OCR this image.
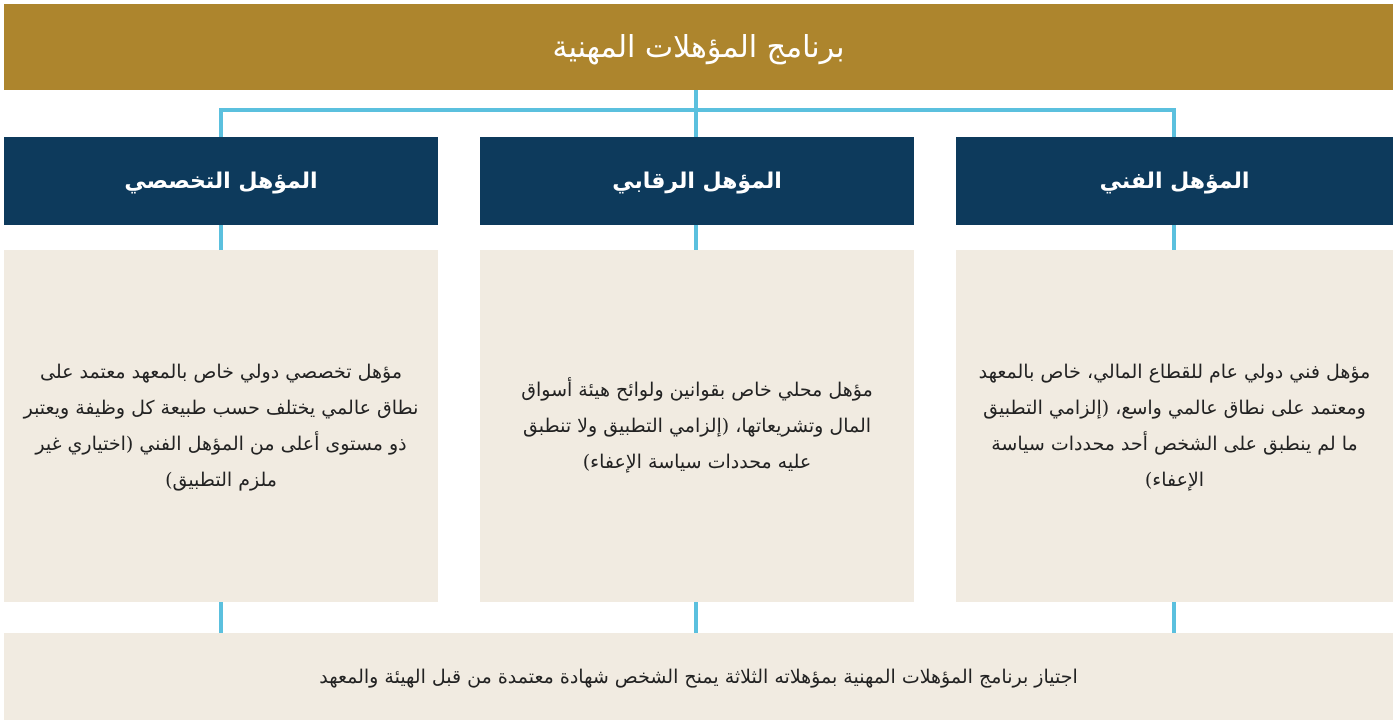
برنامج المؤهلات المهنية
المؤهل التخصصي	المؤهل الرقابي	المؤهل الفني
مؤهل تخصصي دولي خاص بالمعهد معتمد على نطاق عالمي يختلف حسب طبيعة كل وظيفة ويعتبر ذو مستوى أعلى من المؤهل الفني (اختياري غير ملزم التطبيق)
مؤهل محلي خاص بقوانين ولوائح هيئة أسواق المال وتشريعاتها، (إلزامي التطبيق ولا تنطبق عليه محددات سياسة الإعفاء)
مؤهل فني دولي عام للقطاع المالي، خاص بالمعهد ومعتمد على نطاق عالمي واسع، (إلزامي التطبيق ما لم ينطبق على الشخص أحد محددات سياسة الإعفاء)
اجتياز برنامج المؤهلات المهنية بمؤهلاته الثلاثة يمنح الشخص شهادة معتمدة من قبل الهيئة والمعهد
